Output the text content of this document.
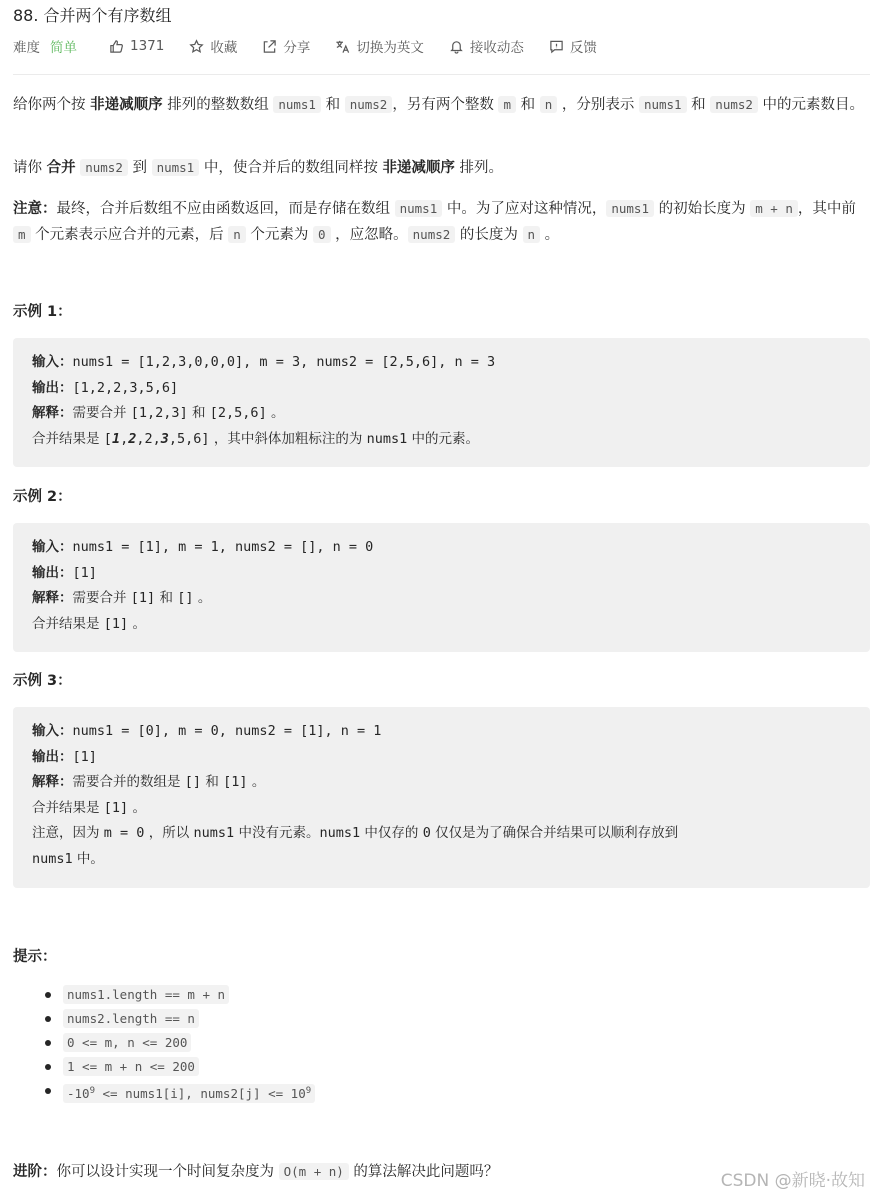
88. 合并两个有序数组
难度 简单	1371	收藏	分享	切换为英文	接收动态	反馈
给你两个按 非递减顺序 排列的整数数组 nums1 和 nums2 ，另有两个整数 m 和 n ，分别表示 nums1 和 nums2 中的元素数目。
请你 合并 nums2 到 nums1 中，使合并后的数组同样按 非递减顺序 排列。
注意：最终，合并后数组不应由函数返回，而是存储在数组 nums1 中。为了应对这种情况， nums1 的初始长度为 m + n ，其中前 m 个元素表示应合并的元素，后 n 个元素为 0 ，应忽略。 nums2 的长度为 n 。
示例 1：
输入：nums1 = [1,2,3,0,0,0], m = 3, nums2 = [2,5,6], n = 3
输出：[1,2,2,3,5,6]
解释：需要合并 [1,2,3] 和 [2,5,6] 。
合并结果是 [1,2,2,3,5,6] ，其中斜体加粗标注的为 nums1 中的元素。
示例 2：
输入：nums1 = [1], m = 1, nums2 = [], n = 0
输出：[1]
解释：需要合并 [1] 和 [] 。
合并结果是 [1] 。
示例 3：
输入：nums1 = [0], m = 0, nums2 = [1], n = 1
输出：[1]
解释：需要合并的数组是 [] 和 [1] 。
合并结果是 [1] 。
注意，因为 m = 0 ，所以 nums1 中没有元素。nums1 中仅存的 0 仅仅是为了确保合并结果可以顺利存放到
nums1 中。
提示：
nums1.length == m + n
nums2.length == n
0 <= m, n <= 200
1 <= m + n <= 200
$-10^9$ <= nums1[i], nums2[j] <= $10^9$
进阶：你可以设计实现一个时间复杂度为 O(m + n) 的算法解决此问题吗？	CSDN @新晓·故知
